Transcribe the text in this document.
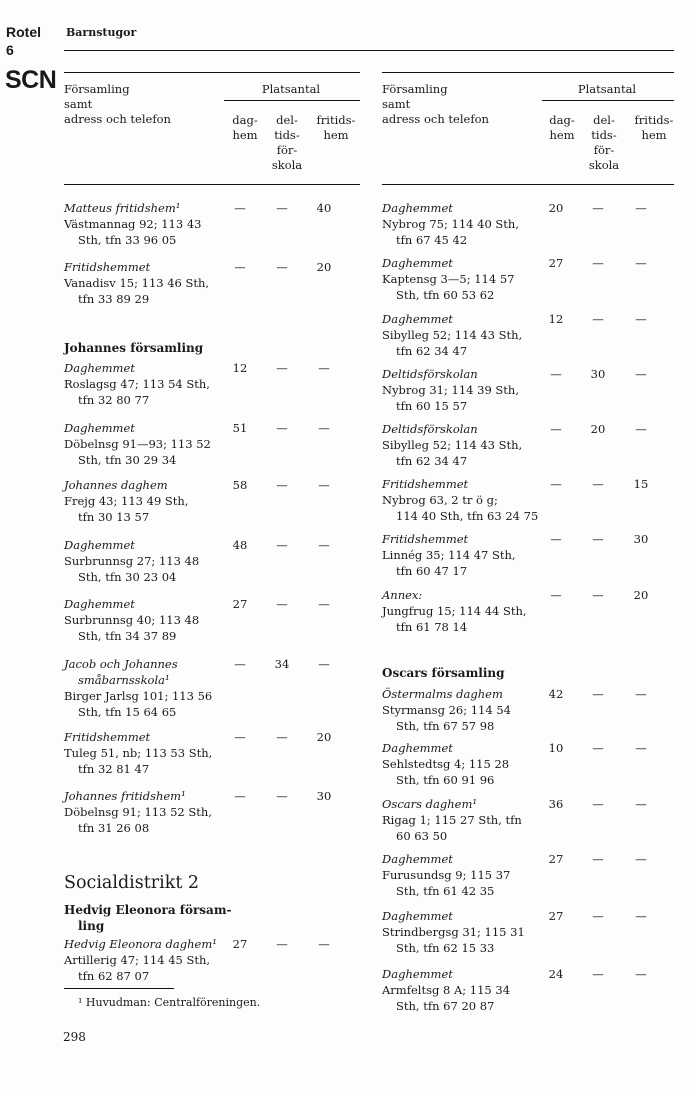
Rotel
6
SCN
Barnstugor
Församling
samt
adress och telefon
Platsantal
dag-
hem
del-
tids-
för-
skola
fritids-
hem
Församling
samt
adress och telefon
Platsantal
dag-
hem
del-
tids-
för-
skola
fritids-
hem
Matteus fritidshem¹
Västmannag 92; 113 43
Sth, tfn 33 96 05
—	—	40
Fritidshemmet
Vanadisv 15; 113 46 Sth,
tfn 33 89 29
—	—	20
Daghemmet
Roslagsg 47; 113 54 Sth,
tfn 32 80 77
12	—	—
Daghemmet
Döbelnsg 91—93; 113 52
Sth, tfn 30 29 34
51	—	—
Johannes daghem
Frejg 43; 113 49 Sth,
tfn 30 13 57
58	—	—
Daghemmet
Surbrunnsg 27; 113 48
Sth, tfn 30 23 04
48	—	—
Daghemmet
Surbrunnsg 40; 113 48
Sth, tfn 34 37 89
27	—	—
Jacob och Johannes
småbarnsskola¹
Birger Jarlsg 101; 113 56
Sth, tfn 15 64 65
—	34	—
Fritidshemmet
Tuleg 51, nb; 113 53 Sth,
tfn 32 81 47
—	—	20
Johannes fritidshem¹
Döbelnsg 91; 113 52 Sth,
tfn 31 26 08
—	—	30
Hedvig Eleonora daghem¹
Artillerig 47; 114 45 Sth,
tfn 62 87 07
27	—	—
Johannes församling
Socialdistrikt 2
Hedvig Eleonora försam-
ling
Daghemmet
Nybrog 75; 114 40 Sth,
tfn 67 45 42
20	—	—
Daghemmet
Kaptensg 3—5; 114 57
Sth, tfn 60 53 62
27	—	—
Daghemmet
Sibylleg 52; 114 43 Sth,
tfn 62 34 47
12	—	—
Deltidsförskolan
Nybrog 31; 114 39 Sth,
tfn 60 15 57
—	30	—
Deltidsförskolan
Sibylleg 52; 114 43 Sth,
tfn 62 34 47
—	20	—
Fritidshemmet
Nybrog 63, 2 tr ö g;
114 40 Sth, tfn 63 24 75
—	—	15
Fritidshemmet
Linnég 35; 114 47 Sth,
tfn 60 47 17
—	—	30
Annex:
Jungfrug 15; 114 44 Sth,
tfn 61 78 14
—	—	20
Östermalms daghem
Styrmansg 26; 114 54
Sth, tfn 67 57 98
42	—	—
Daghemmet
Sehlstedtsg 4; 115 28
Sth, tfn 60 91 96
10	—	—
Oscars daghem¹
Rigag 1; 115 27 Sth, tfn
60 63 50
36	—	—
Daghemmet
Furusundsg 9; 115 37
Sth, tfn 61 42 35
27	—	—
Daghemmet
Strindbergsg 31; 115 31
Sth, tfn 62 15 33
27	—	—
Daghemmet
Armfeltsg 8 A; 115 34
Sth, tfn 67 20 87
24	—	—
Oscars församling
¹ Huvudman: Centralföreningen.
298
